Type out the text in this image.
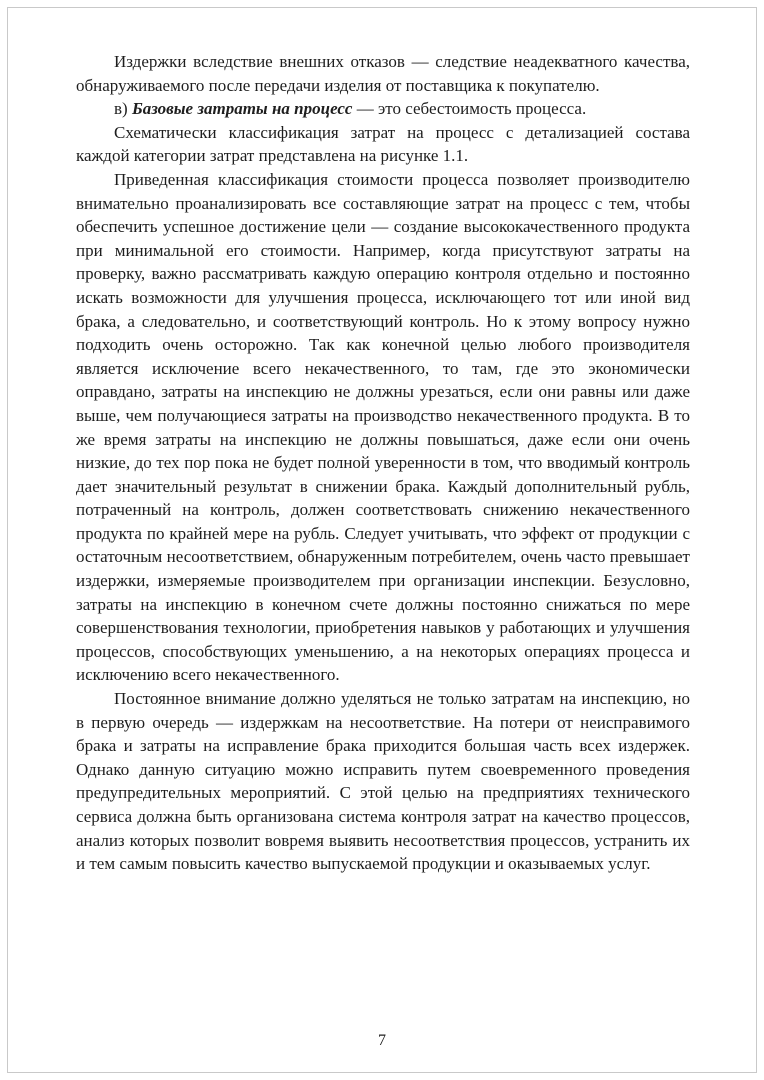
Издержки вследствие внешних отказов — следствие неадекватного качества, обнаруживаемого после передачи изделия от поставщика к покупателю.

в) Базовые затраты на процесс — это себестоимость процесса.

Схематически классификация затрат на процесс с детализацией состава каждой категории затрат представлена на рисунке 1.1.

Приведенная классификация стоимости процесса позволяет производителю внимательно проанализировать все составляющие затрат на процесс с тем, чтобы обеспечить успешное достижение цели — создание высококачественного продукта при минимальной его стоимости. Например, когда присутствуют затраты на проверку, важно рассматривать каждую операцию контроля отдельно и постоянно искать возможности для улучшения процесса, исключающего тот или иной вид брака, а следовательно, и соответствующий контроль. Но к этому вопросу нужно подходить очень осторожно. Так как конечной целью любого производителя является исключение всего некачественного, то там, где это экономически оправдано, затраты на инспекцию не должны урезаться, если они равны или даже выше, чем получающиеся затраты на производство некачественного продукта. В то же время затраты на инспекцию не должны повышаться, даже если они очень низкие, до тех пор пока не будет полной уверенности в том, что вводимый контроль дает значительный результат в снижении брака. Каждый дополнительный рубль, потраченный на контроль, должен соответствовать снижению некачественного продукта по крайней мере на рубль. Следует учитывать, что эффект от продукции с остаточным несоответствием, обнаруженным потребителем, очень часто превышает издержки, измеряемые производителем при организации инспекции. Безусловно, затраты на инспекцию в конечном счете должны постоянно снижаться по мере совершенствования технологии, приобретения навыков у работающих и улучшения процессов, способствующих уменьшению, а на некоторых операциях процесса и исключению всего некачественного.

Постоянное внимание должно уделяться не только затратам на инспекцию, но в первую очередь — издержкам на несоответствие. На потери от неисправимого брака и затраты на исправление брака приходится большая часть всех издержек. Однако данную ситуацию можно исправить путем своевременного проведения предупредительных мероприятий. С этой целью на предприятиях технического сервиса должна быть организована система контроля затрат на качество процессов, анализ которых позволит вовремя выявить несоответствия процессов, устранить их и тем самым повысить качество выпускаемой продукции и оказываемых услуг.

7
